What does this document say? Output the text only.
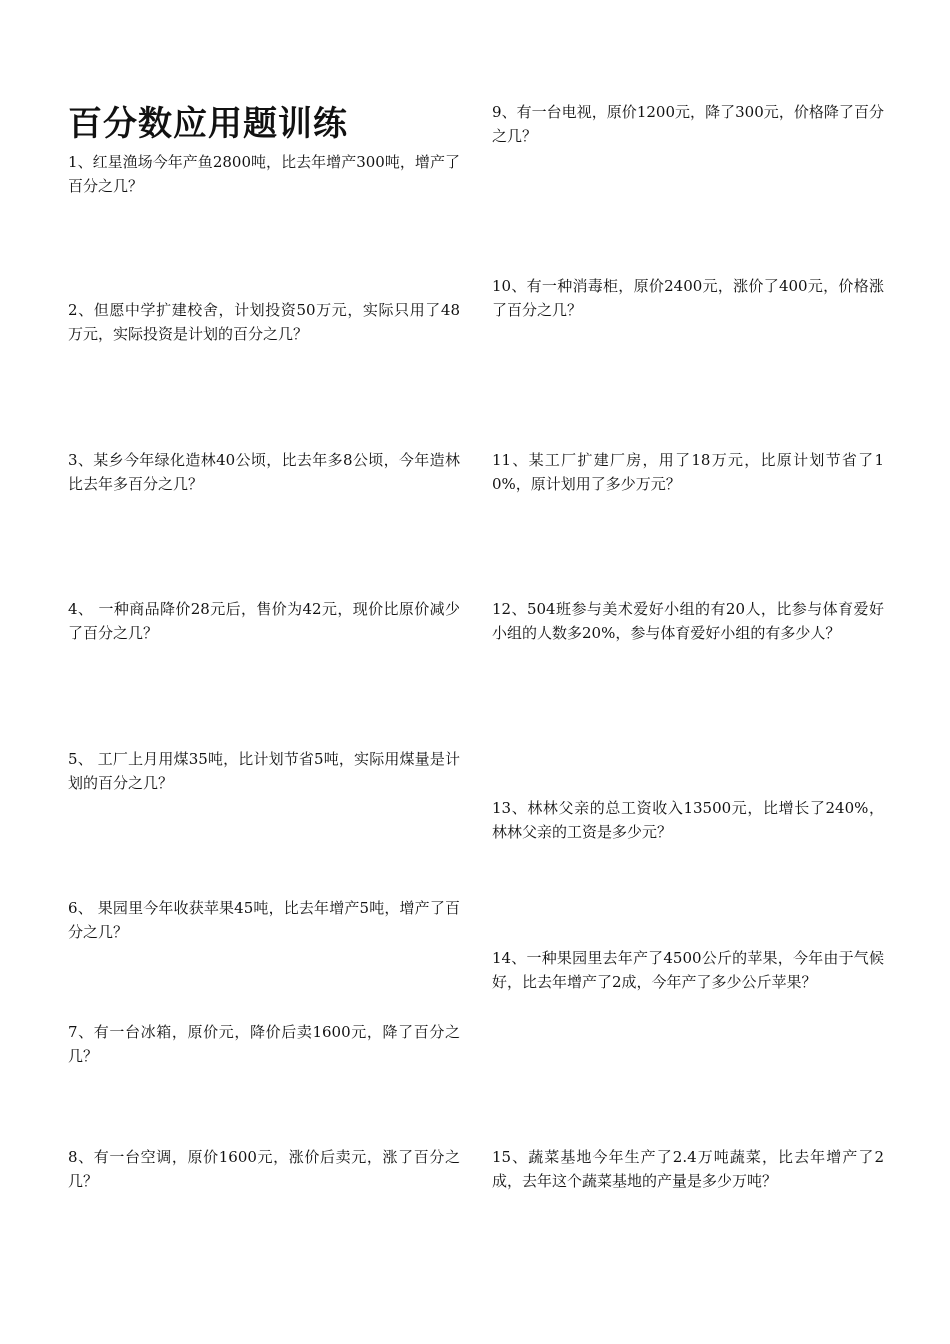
百分数应用题训练
1、红星渔场今年产鱼2800吨，比去年增产300吨，增产了百分之几？
2、但愿中学扩建校舍，计划投资50万元，实际只用了48万元，实际投资是计划的百分之几？
3、某乡今年绿化造林40公顷，比去年多8公顷，今年造林比去年多百分之几？
4、 一种商品降价28元后，售价为42元，现价比原价减少了百分之几？
5、 工厂上月用煤35吨，比计划节省5吨，实际用煤量是计划的百分之几？
6、 果园里今年收获苹果45吨，比去年增产5吨，增产了百分之几？
7、有一台冰箱，原价元，降价后卖1600元，降了百分之几？
8、有一台空调，原价1600元，涨价后卖元，涨了百分之几？
9、有一台电视，原价1200元，降了300元，价格降了百分之几？
10、有一种消毒柜，原价2400元，涨价了400元，价格涨了百分之几？
11、某工厂扩建厂房，用了18万元，比原计划节省了10%，原计划用了多少万元？
12、504班参与美术爱好小组的有20人，比参与体育爱好小组的人数多20%，参与体育爱好小组的有多少人？
13、林林父亲的总工资收入13500元，比增长了240%，林林父亲的工资是多少元？
14、一种果园里去年产了4500公斤的苹果，今年由于气候好，比去年增产了2成，今年产了多少公斤苹果？
15、蔬菜基地今年生产了2.4万吨蔬菜，比去年增产了2成，去年这个蔬菜基地的产量是多少万吨？
